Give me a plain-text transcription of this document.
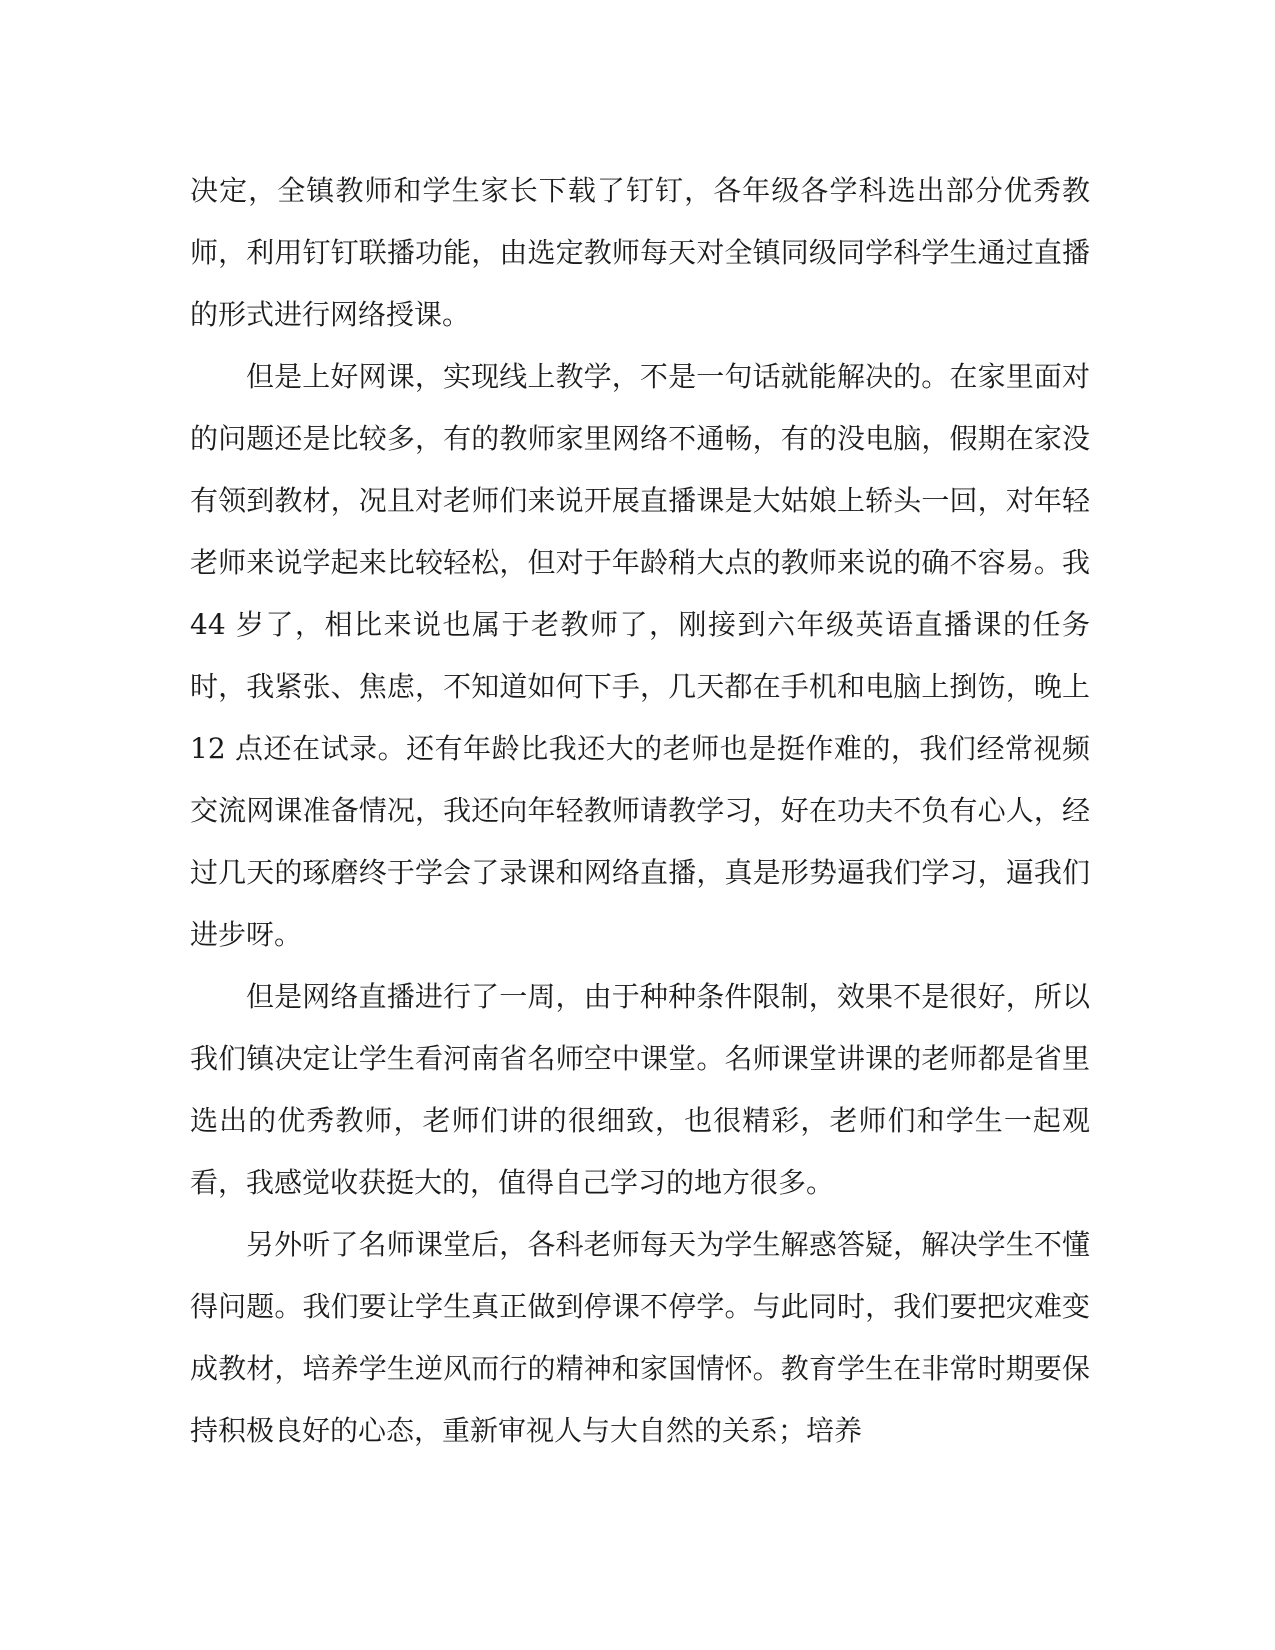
决定，全镇教师和学生家长下载了钉钉，各年级各学科选出部分优秀教师，利用钉钉联播功能，由选定教师每天对全镇同级同学科学生通过直播的形式进行网络授课。

但是上好网课，实现线上教学，不是一句话就能解决的。在家里面对的问题还是比较多，有的教师家里网络不通畅，有的没电脑，假期在家没有领到教材，况且对老师们来说开展直播课是大姑娘上轿头一回，对年轻老师来说学起来比较轻松，但对于年龄稍大点的教师来说的确不容易。我 44 岁了，相比来说也属于老教师了，刚接到六年级英语直播课的任务时，我紧张、焦虑，不知道如何下手，几天都在手机和电脑上捯饬，晚上 12 点还在试录。还有年龄比我还大的老师也是挺作难的，我们经常视频交流网课准备情况，我还向年轻教师请教学习，好在功夫不负有心人，经过几天的琢磨终于学会了录课和网络直播，真是形势逼我们学习，逼我们进步呀。

但是网络直播进行了一周，由于种种条件限制，效果不是很好，所以我们镇决定让学生看河南省名师空中课堂。名师课堂讲课的老师都是省里选出的优秀教师，老师们讲的很细致，也很精彩，老师们和学生一起观看，我感觉收获挺大的，值得自己学习的地方很多。

另外听了名师课堂后，各科老师每天为学生解惑答疑，解决学生不懂得问题。我们要让学生真正做到停课不停学。与此同时，我们要把灾难变成教材，培养学生逆风而行的精神和家国情怀。教育学生在非常时期要保持积极良好的心态，重新审视人与大自然的关系；培养
